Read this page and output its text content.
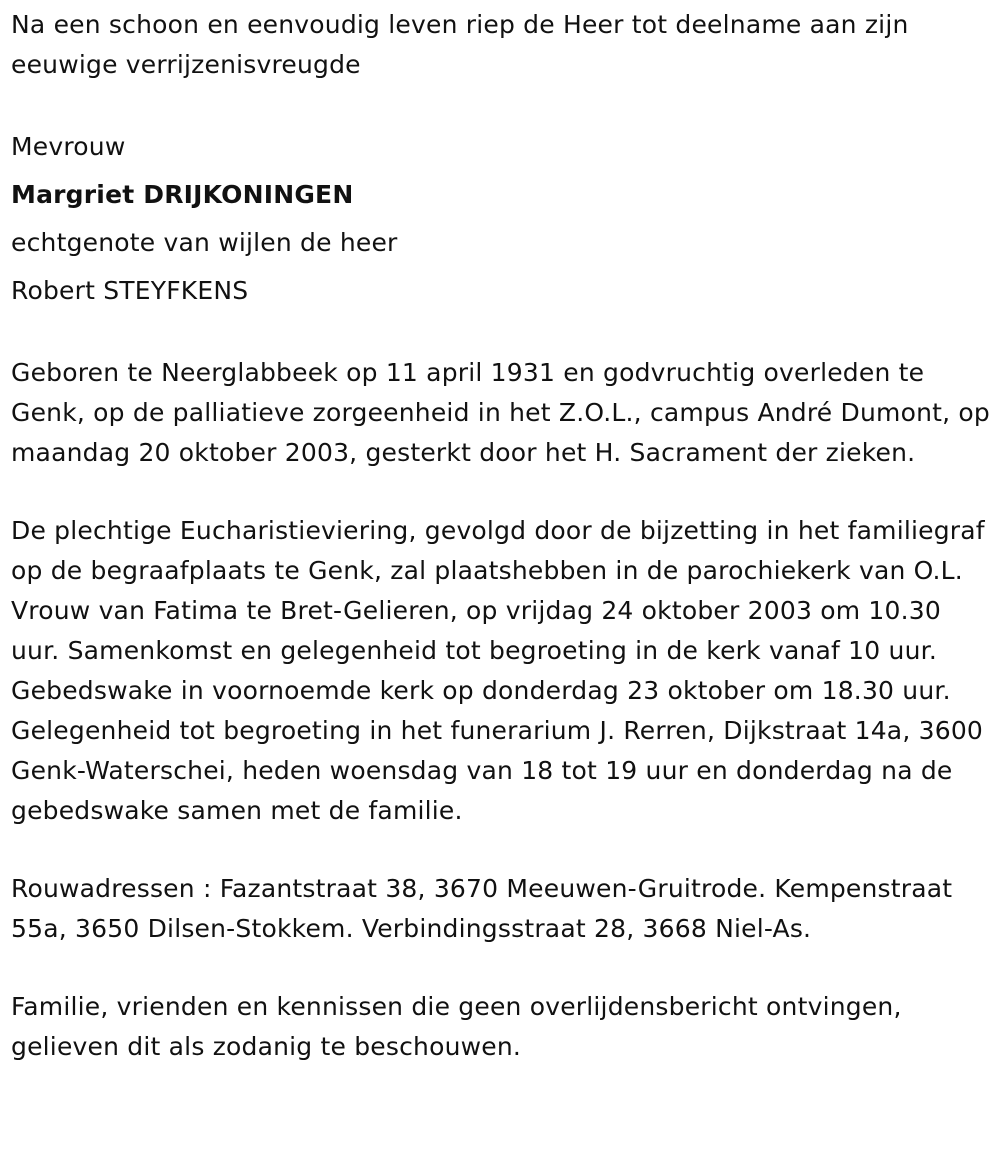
Na een schoon en eenvoudig leven riep de Heer tot deelname aan zijn eeuwige verrijzenisvreugde

Mevrouw

Margriet DRIJKONINGEN

echtgenote van wijlen de heer

Robert STEYFKENS

Geboren te Neerglabbeek op 11 april 1931 en godvruchtig overleden te Genk, op de palliatieve zorgeenheid in het Z.O.L., campus André Dumont, op maandag 20 oktober 2003, gesterkt door het H. Sacrament der zieken.

De plechtige Eucharistieviering, gevolgd door de bijzetting in het familiegraf op de begraafplaats te Genk, zal plaatshebben in de parochiekerk van O.L. Vrouw van Fatima te Bret-Gelieren, op vrijdag 24 oktober 2003 om 10.30 uur. Samenkomst en gelegenheid tot begroeting in de kerk vanaf 10 uur. Gebedswake in voornoemde kerk op donderdag 23 oktober om 18.30 uur. Gelegenheid tot begroeting in het funerarium J. Rerren, Dijkstraat 14a, 3600 Genk-Waterschei, heden woensdag van 18 tot 19 uur en donderdag na de gebedswake samen met de familie.

Rouwadressen : Fazantstraat 38, 3670 Meeuwen-Gruitrode. Kempenstraat 55a, 3650 Dilsen-Stokkem. Verbindingsstraat 28, 3668 Niel-As.

Familie, vrienden en kennissen die geen overlijdensbericht ontvingen, gelieven dit als zodanig te beschouwen.
